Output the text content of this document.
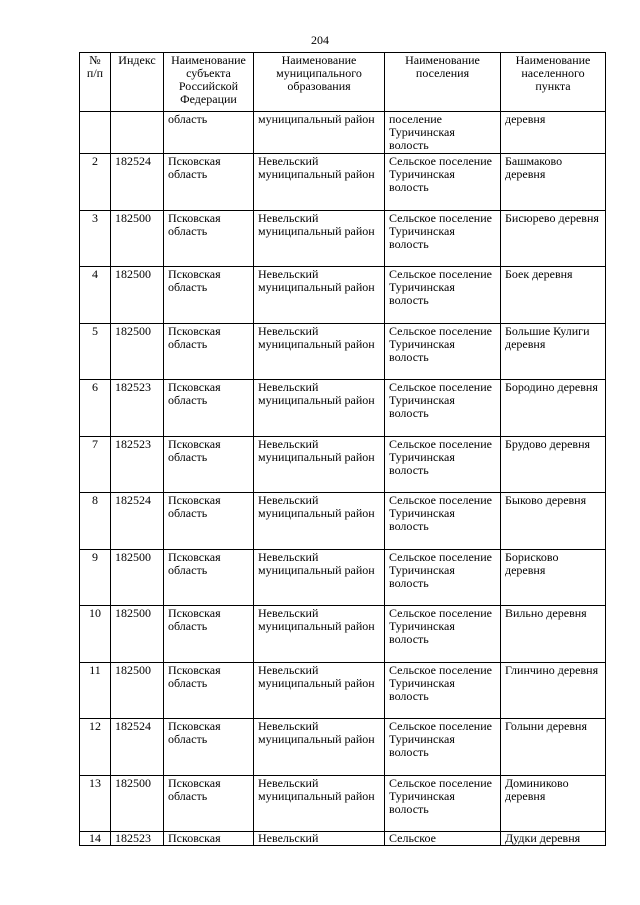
204
№
п/п	Индекс	Наименование субъекта Российской Федерации	Наименование муниципального образования	Наименование поселения	Наименование населенного пункта
		область	муниципальный район	поселение Туричинская волость	деревня
2	182524	Псковская область	Невельский муниципальный район	Сельское поселение Туричинская волость	Башмаково деревня
3	182500	Псковская область	Невельский муниципальный район	Сельское поселение Туричинская волость	Бисюрево деревня
4	182500	Псковская область	Невельский муниципальный район	Сельское поселение Туричинская волость	Боек деревня
5	182500	Псковская область	Невельский муниципальный район	Сельское поселение Туричинская волость	Большие Кулиги деревня
6	182523	Псковская область	Невельский муниципальный район	Сельское поселение Туричинская волость	Бородино деревня
7	182523	Псковская область	Невельский муниципальный район	Сельское поселение Туричинская волость	Брудово деревня
8	182524	Псковская область	Невельский муниципальный район	Сельское поселение Туричинская волость	Быково деревня
9	182500	Псковская область	Невельский муниципальный район	Сельское поселение Туричинская волость	Борисково деревня
10	182500	Псковская область	Невельский муниципальный район	Сельское поселение Туричинская волость	Вильно деревня
11	182500	Псковская область	Невельский муниципальный район	Сельское поселение Туричинская волость	Глинчино деревня
12	182524	Псковская область	Невельский муниципальный район	Сельское поселение Туричинская волость	Голыни деревня
13	182500	Псковская область	Невельский муниципальный район	Сельское поселение Туричинская волость	Доминиково деревня
14	182523	Псковская	Невельский	Сельское	Дудки деревня
